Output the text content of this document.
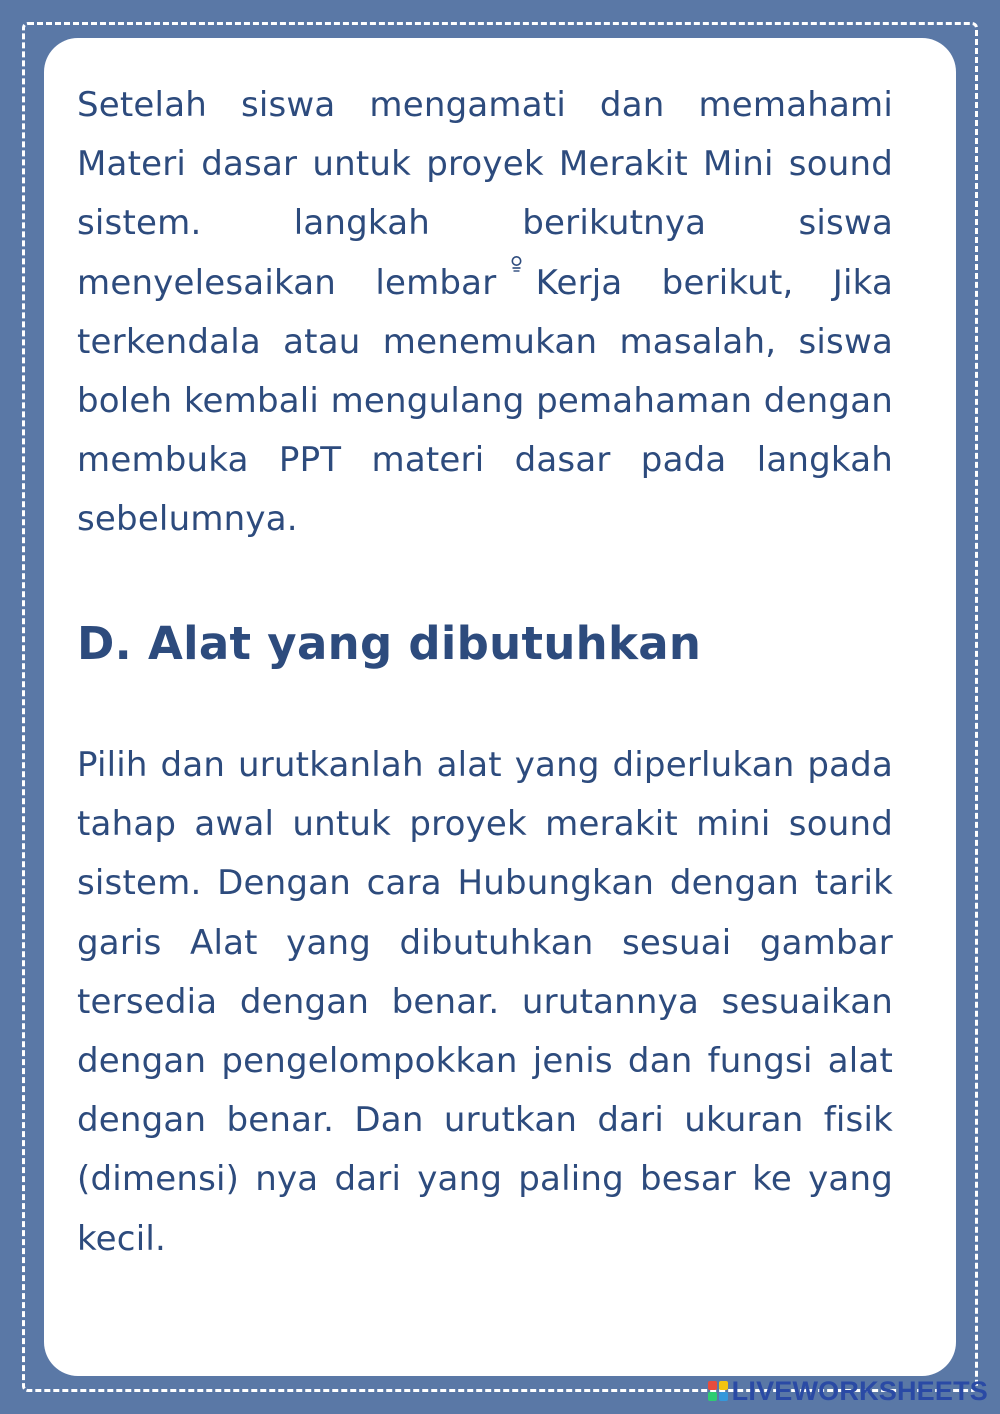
Setelah siswa mengamati dan memahami Materi dasar untuk proyek Merakit Mini sound sistem. langkah berikutnya siswa menyelesaikan lembar Kerja berikut, Jika terkendala atau menemukan masalah, siswa boleh kembali mengulang pemahaman dengan membuka PPT materi dasar pada langkah sebelumnya.

D. Alat yang dibutuhkan

Pilih dan urutkanlah alat yang diperlukan pada tahap awal untuk proyek merakit mini sound sistem. Dengan cara Hubungkan dengan tarik garis Alat yang dibutuhkan sesuai gambar tersedia dengan benar. urutannya sesuaikan dengan pengelompokkan jenis dan fungsi alat dengan benar. Dan urutkan dari ukuran fisik (dimensi) nya dari yang paling besar ke yang kecil.

LIVEWORKSHEETS
